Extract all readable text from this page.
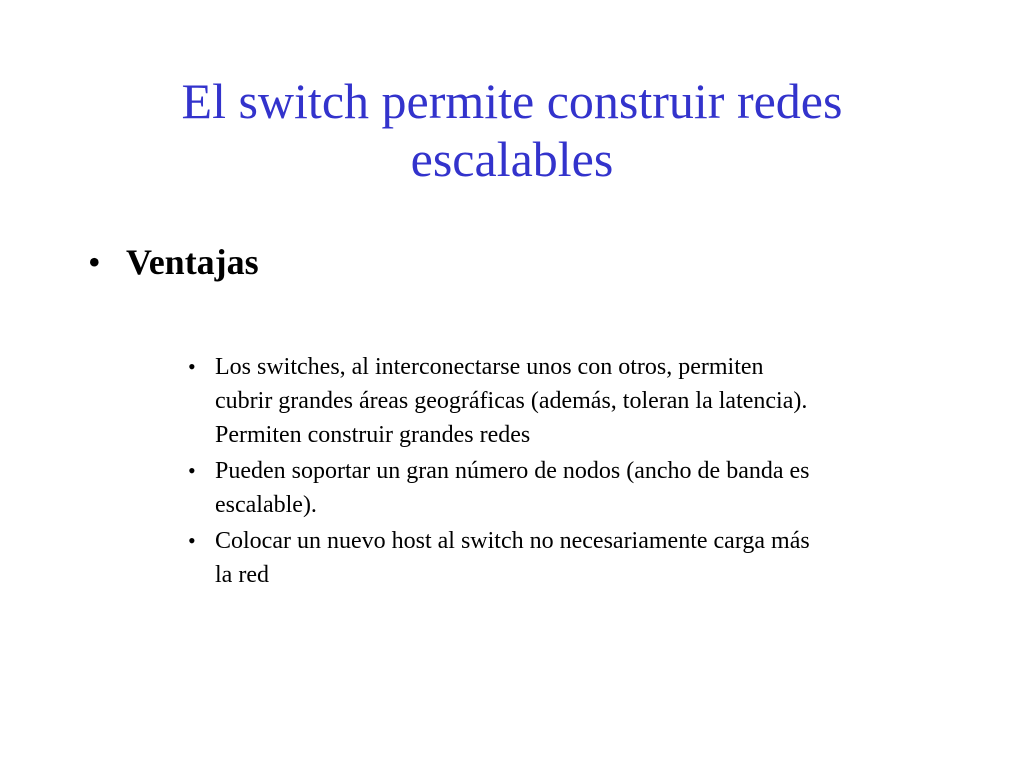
El switch permite construir redes
escalables
• Ventajas
• Los switches, al interconectarse unos con otros, permiten
cubrir grandes áreas geográficas (además, toleran la latencia).
Permiten construir grandes redes
• Pueden soportar un gran número de nodos (ancho de banda es
escalable).
• Colocar un nuevo host al switch no necesariamente carga más
la red
